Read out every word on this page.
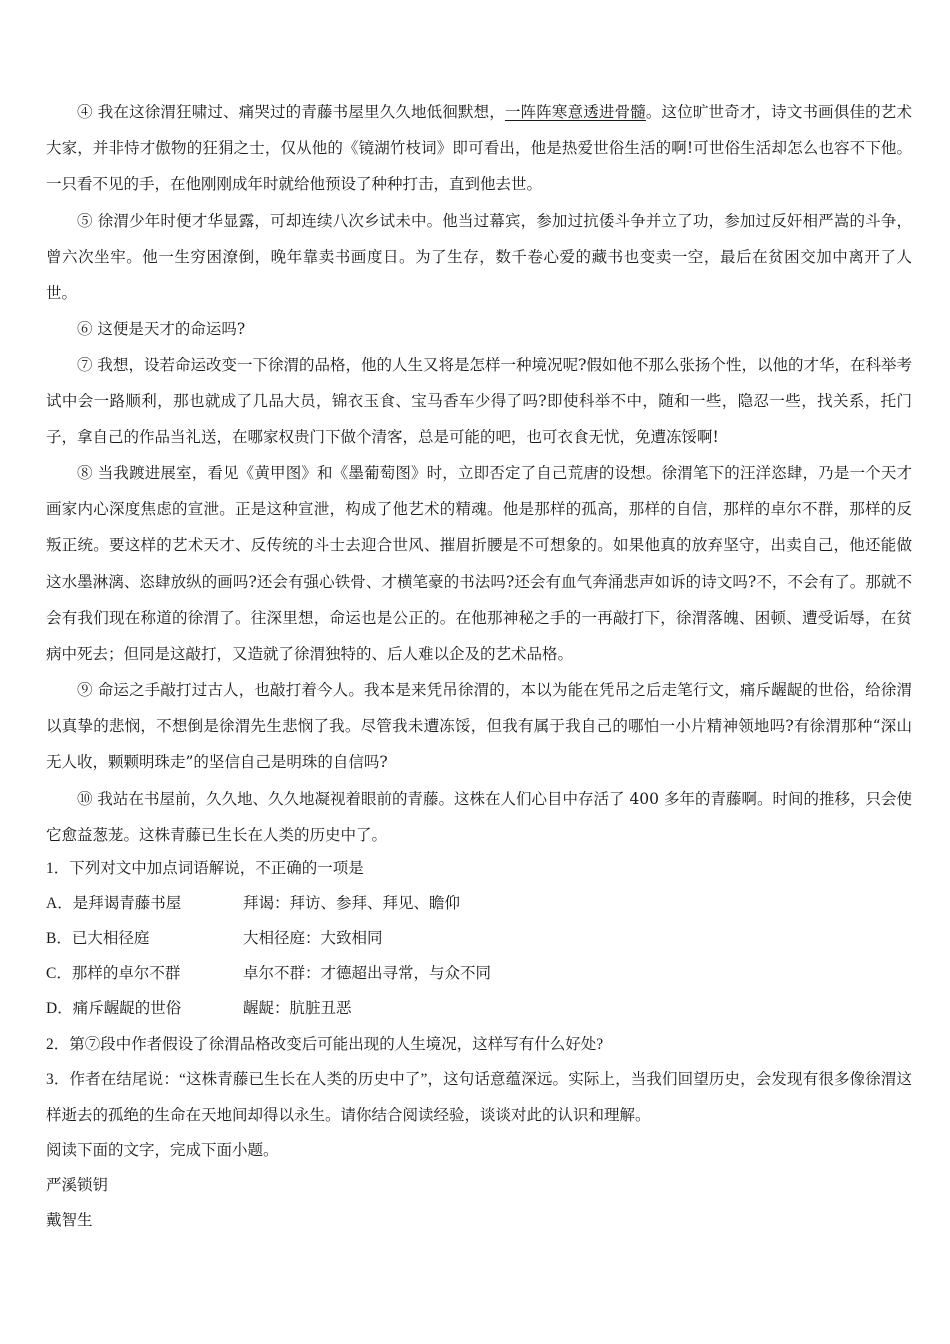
④ 我在这徐渭狂啸过、痛哭过的青藤书屋里久久地低徊默想，一阵阵寒意透进骨髓。这位旷世奇才，诗文书画俱佳的艺术大家，并非恃才傲物的狂狷之士，仅从他的《镜湖竹枝词》即可看出，他是热爱世俗生活的啊!可世俗生活却怎么也容不下他。一只看不见的手，在他刚刚成年时就给他预设了种种打击，直到他去世。

⑤ 徐渭少年时便才华显露，可却连续八次乡试未中。他当过幕宾，参加过抗倭斗争并立了功，参加过反奸相严嵩的斗争，曾六次坐牢。他一生穷困潦倒，晚年靠卖书画度日。为了生存，数千卷心爱的藏书也变卖一空，最后在贫困交加中离开了人世。

⑥ 这便是天才的命运吗?

⑦ 我想，设若命运改变一下徐渭的品格，他的人生又将是怎样一种境况呢?假如他不那么张扬个性，以他的才华，在科举考试中会一路顺利，那也就成了几品大员，锦衣玉食、宝马香车少得了吗?即使科举不中，随和一些，隐忍一些，找关系，托门子，拿自己的作品当礼送，在哪家权贵门下做个清客，总是可能的吧，也可衣食无忧，免遭冻馁啊!

⑧ 当我踱进展室，看见《黄甲图》和《墨葡萄图》时，立即否定了自己荒唐的设想。徐渭笔下的汪洋恣肆，乃是一个天才画家内心深度焦虑的宣泄。正是这种宣泄，构成了他艺术的精魂。他是那样的孤高，那样的自信，那样的卓尔不群，那样的反叛正统。要这样的艺术天才、反传统的斗士去迎合世风、摧眉折腰是不可想象的。如果他真的放弃坚守，出卖自己，他还能做这水墨淋漓、恣肆放纵的画吗?还会有强心铁骨、才横笔豪的书法吗?还会有血气奔涌悲声如诉的诗文吗?不，不会有了。那就不会有我们现在称道的徐渭了。往深里想，命运也是公正的。在他那神秘之手的一再敲打下，徐渭落魄、困顿、遭受诟辱，在贫病中死去；但同是这敲打，又造就了徐渭独特的、后人难以企及的艺术品格。

⑨ 命运之手敲打过古人，也敲打着今人。我本是来凭吊徐渭的，本以为能在凭吊之后走笔行文，痛斥龌龊的世俗，给徐渭以真挚的悲悯，不想倒是徐渭先生悲悯了我。尽管我未遭冻馁，但我有属于我自己的哪怕一小片精神领地吗?有徐渭那种“深山无人收，颗颗明珠走”的坚信自己是明珠的自信吗?

⑩ 我站在书屋前，久久地、久久地凝视着眼前的青藤。这株在人们心目中存活了 400 多年的青藤啊。时间的推移，只会使它愈益葱茏。这株青藤已生长在人类的历史中了。

1．下列对文中加点词语解说，不正确的一项是

A．是拜谒青藤书屋	拜谒：拜访、参拜、拜见、瞻仰

B．已大相径庭	大相径庭：大致相同

C．那样的卓尔不群	卓尔不群：才德超出寻常，与众不同

D．痛斥龌龊的世俗	龌龊：肮脏丑恶

2．第⑦段中作者假设了徐渭品格改变后可能出现的人生境况，这样写有什么好处?

3．作者在结尾说：“这株青藤已生长在人类的历史中了”，这句话意蕴深远。实际上，当我们回望历史，会发现有很多像徐渭这样逝去的孤绝的生命在天地间却得以永生。请你结合阅读经验，谈谈对此的认识和理解。

阅读下面的文字，完成下面小题。

严溪锁钥

戴智生
